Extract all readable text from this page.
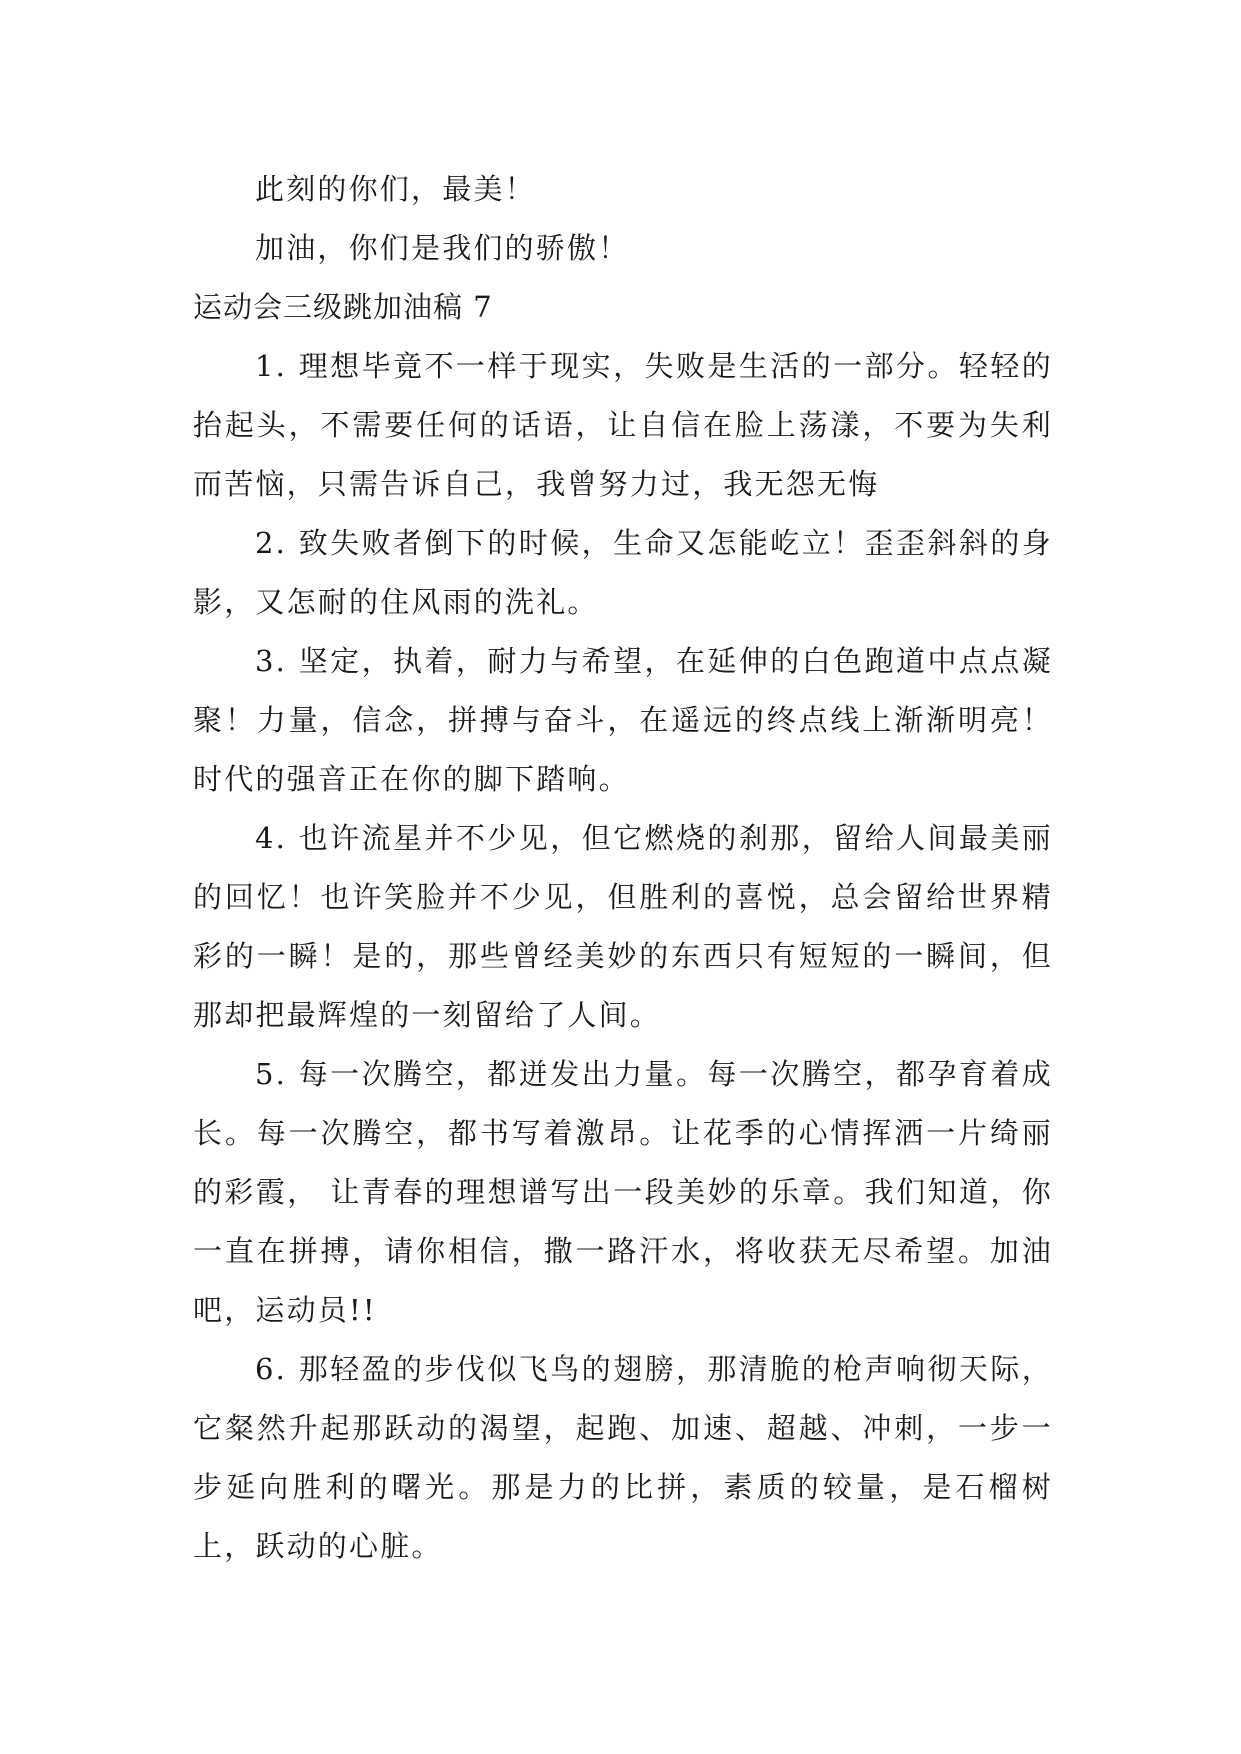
此刻的你们，最美！

加油，你们是我们的骄傲！

运动会三级跳加油稿 7

1. 理想毕竟不一样于现实，失败是生活的一部分。轻轻的抬起头，不需要任何的话语，让自信在脸上荡漾，不要为失利而苦恼，只需告诉自己，我曾努力过，我无怨无悔

2. 致失败者倒下的时候，生命又怎能屹立！歪歪斜斜的身影，又怎耐的住风雨的洗礼。

3. 坚定，执着，耐力与希望，在延伸的白色跑道中点点凝聚！力量，信念，拼搏与奋斗，在遥远的终点线上渐渐明亮！时代的强音正在你的脚下踏响。

4. 也许流星并不少见，但它燃烧的刹那，留给人间最美丽的回忆！也许笑脸并不少见，但胜利的喜悦，总会留给世界精彩的一瞬！是的，那些曾经美妙的东西只有短短的一瞬间，但那却把最辉煌的一刻留给了人间。

5. 每一次腾空，都迸发出力量。每一次腾空，都孕育着成长。每一次腾空，都书写着激昂。让花季的心情挥洒一片绮丽的彩霞， 让青春的理想谱写出一段美妙的乐章。我们知道，你一直在拼搏，请你相信，撒一路汗水，将收获无尽希望。加油吧，运动员!!

6. 那轻盈的步伐似飞鸟的翅膀，那清脆的枪声响彻天际，它粲然升起那跃动的渴望，起跑、加速、超越、冲刺，一步一步延向胜利的曙光。那是力的比拼，素质的较量，是石榴树上，跃动的心脏。
